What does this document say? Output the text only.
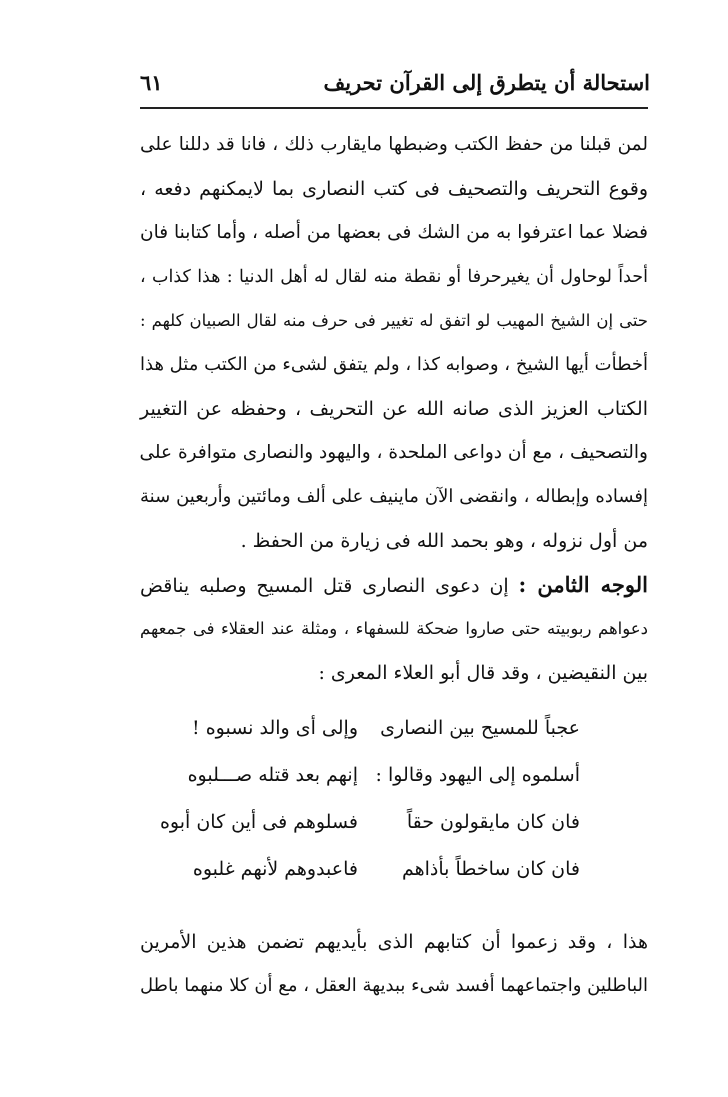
استحالة أن يتطرق إلى القرآن تحريف
٦١
لمن قبلنا من حفظ الكتب وضبطها مايقارب ذلك ، فانا قد دللنا على
وقوع التحريف والتصحيف فى كتب النصارى بما لايمكنهم دفعه ،
فضلا عما اعترفوا به من الشك فى بعضها من أصله ، وأما كتابنا فان
أحداً لوحاول أن يغيرحرفا أو نقطة منه لقال له أهل الدنيا : هذا كذاب ،
حتى إن الشيخ المهيب لو اتفق له تغيير فى حرف منه لقال الصبيان كلهم :
أخطأت أيها الشيخ ، وصوابه كذا ، ولم يتفق لشىء من الكتب مثل هذا
الكتاب العزيز الذى صانه الله عن التحريف ، وحفظه عن التغيير
والتصحيف ، مع أن دواعى الملحدة ، واليهود والنصارى متوافرة على
إفساده وإبطاله ، وانقضى الآن ماينيف على ألف ومائتين وأربعين سنة
من أول نزوله ، وهو بحمد الله فى زيارة من الحفظ .
الوجه الثامن : إن دعوى النصارى قتل المسيح وصلبه يناقض
دعواهم ربوبيته حتى صاروا ضحكة للسفهاء ، ومثلة عند العقلاء فى جمعهم
بين النقيضين ، وقد قال أبو العلاء المعرى :
عجباً للمسيح بين النصارى
وإلى أى والد نسبوه !
أسلموه إلى اليهود وقالوا :
إنهم بعد قتله صـــلبوه
فان كان مايقولون حقاً
فسلوهم فى أين كان أبوه
فان كان ساخطاً بأذاهم
فاعبدوهم لأنهم غلبوه
هذا ، وقد زعموا أن كتابهم الذى بأيديهم تضمن هذين الأمرين
الباطلين واجتماعهما أفسد شىء ببديهة العقل ، مع أن كلا منهما باطل
